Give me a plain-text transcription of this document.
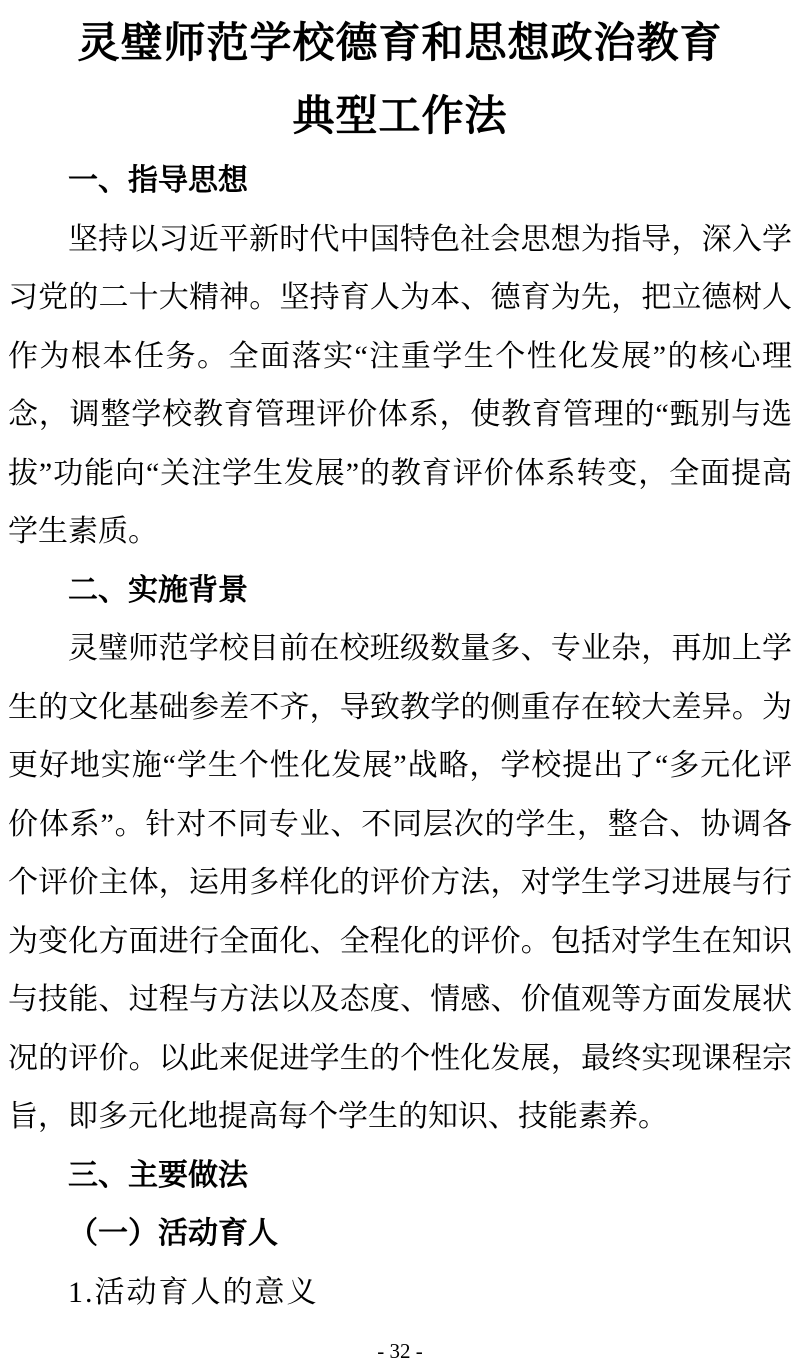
灵璧师范学校德育和思想政治教育
典型工作法
一、指导思想

坚持以习近平新时代中国特色社会思想为指导，深入学习党的二十大精神。坚持育人为本、德育为先，把立德树人作为根本任务。全面落实“注重学生个性化发展”的核心理念，调整学校教育管理评价体系，使教育管理的“甄别与选拔”功能向“关注学生发展”的教育评价体系转变，全面提高学生素质。

二、实施背景

灵璧师范学校目前在校班级数量多、专业杂，再加上学生的文化基础参差不齐，导致教学的侧重存在较大差异。为更好地实施“学生个性化发展”战略，学校提出了“多元化评价体系”。针对不同专业、不同层次的学生，整合、协调各个评价主体，运用多样化的评价方法，对学生学习进展与行为变化方面进行全面化、全程化的评价。包括对学生在知识与技能、过程与方法以及态度、情感、价值观等方面发展状况的评价。以此来促进学生的个性化发展，最终实现课程宗旨，即多元化地提高每个学生的知识、技能素养。

三、主要做法
（一）活动育人
1.活动育人的意义
- 32 -
